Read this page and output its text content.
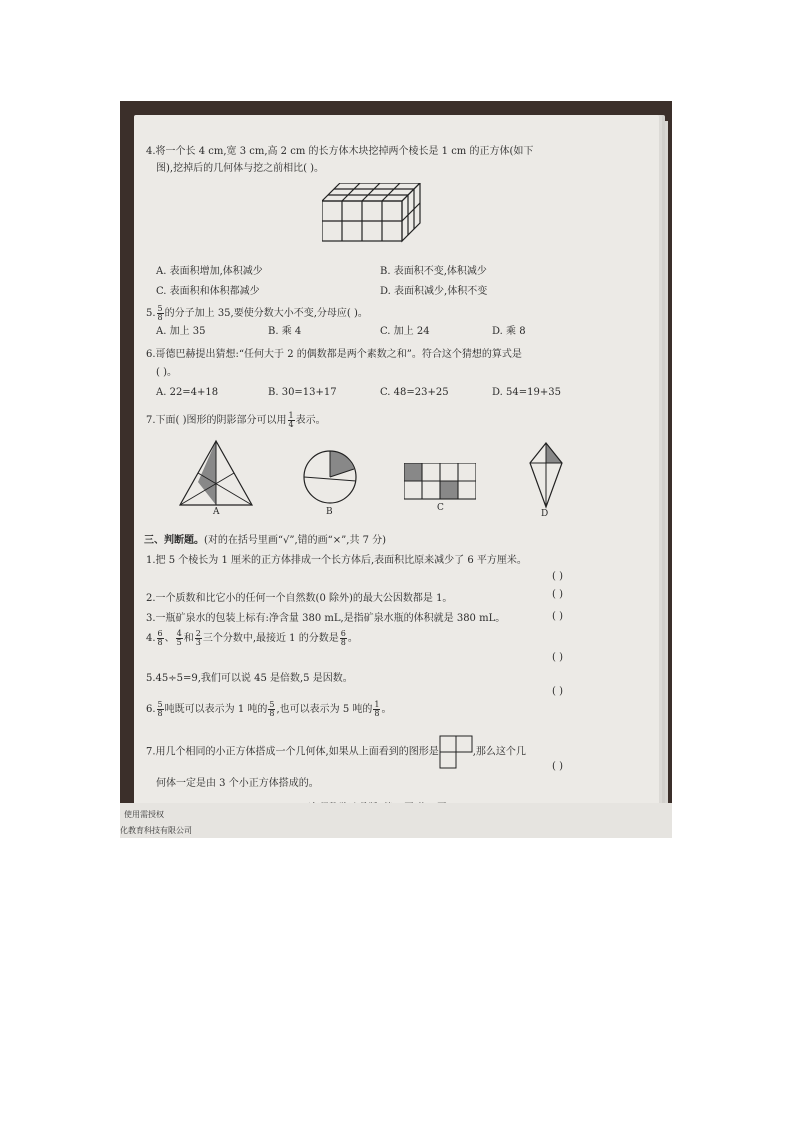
4.将一个长 4 cm,宽 3 cm,高 2 cm 的长方体木块挖掉两个棱长是 1 cm 的正方体(如下
图),挖掉后的几何体与挖之前相比( )。
A. 表面积增加,体积减少	B. 表面积不变,体积减少
C. 表面积和体积都减少	D. 表面积减少,体积不变
5. $\frac{5}{8}$ 的分子加上 35,要使分数大小不变,分母应( )。
A. 加上 35	B. 乘 4	C. 加上 24	D. 乘 8
6.哥德巴赫提出猜想:“任何大于 2 的偶数都是两个素数之和”。符合这个猜想的算式是
( )。
A. 22=4+18	B. 30=13+17	C. 48=23+25	D. 54=19+35
7.下面( )图形的阴影部分可以用 $\frac{1}{4}$ 表示。
A	B	C
D
三、判断题。(对的在括号里画“√”,错的画“×”,共 7 分)
1.把 5 个棱长为 1 厘米的正方体排成一个长方体后,表面积比原来减少了 6 平方厘米。
( )
2.一个质数和比它小的任何一个自然数(0 除外)的最大公因数都是 1。	( )
3.一瓶矿泉水的包装上标有:净含量 380 mL,是指矿泉水瓶的体积就是 380 mL。	( )
4. $\frac{6}{8}$ 、 $\frac{4}{5}$ 和 $\frac{2}{3}$ 三个分数中,最接近 1 的分数是 $\frac{6}{8}$ 。
( )
5.45÷5=9,我们可以说 45 是倍数,5 是因数。
( )
6. $\frac{5}{8}$ 吨既可以表示为 1 吨的 $\frac{5}{8}$ ,也可以表示为 5 吨的 $\frac{1}{8}$ 。
7.用几个相同的小正方体搭成一个几何体,如果从上面看到的图形是	,那么这个几
( )
何体一定是由 3 个小正方体搭成的。
使用需授权
化教育科技有限公司
